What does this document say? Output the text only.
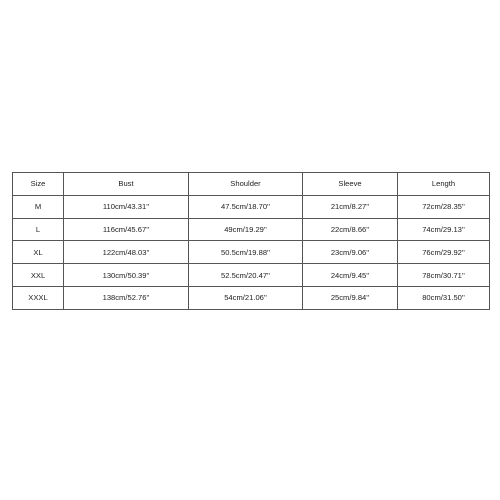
Size	Bust	Shoulder	Sleeve	Length
M	110cm/43.31''	47.5cm/18.70''	21cm/8.27''	72cm/28.35''
L	116cm/45.67''	49cm/19.29''	22cm/8.66''	74cm/29.13''
XL	122cm/48.03''	50.5cm/19.88''	23cm/9.06''	76cm/29.92''
XXL	130cm/50.39''	52.5cm/20.47''	24cm/9.45''	78cm/30.71''
XXXL	138cm/52.76''	54cm/21.06''	25cm/9.84''	80cm/31.50''
